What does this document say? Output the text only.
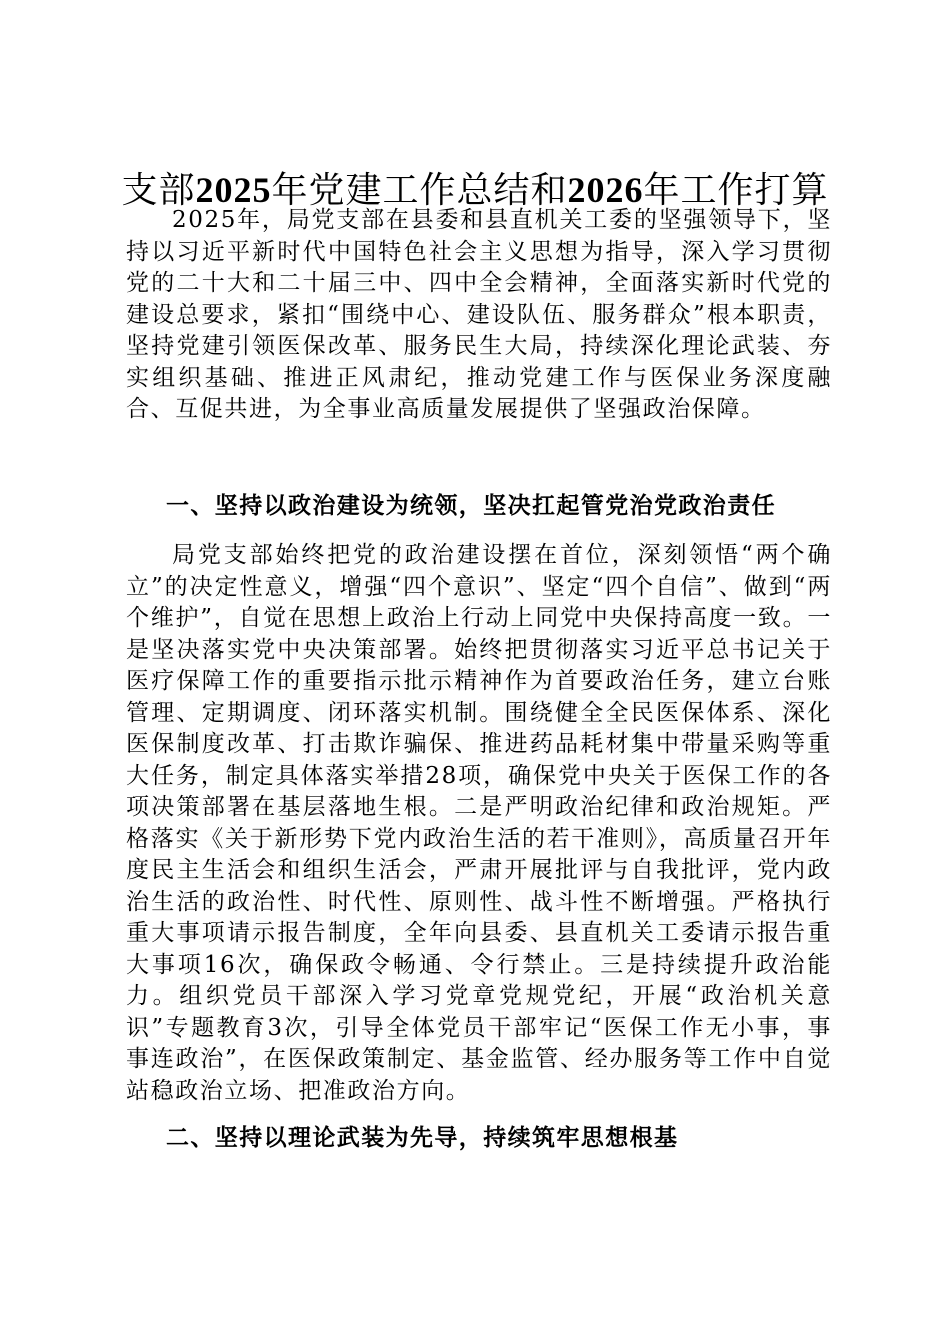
支部2025年党建工作总结和2026年工作打算

2025年，局党支部在县委和县直机关工委的坚强领导下，坚持以习近平新时代中国特色社会主义思想为指导，深入学习贯彻党的二十大和二十届三中、四中全会精神，全面落实新时代党的建设总要求，紧扣“围绕中心、建设队伍、服务群众”根本职责，坚持党建引领医保改革、服务民生大局，持续深化理论武装、夯实组织基础、推进正风肃纪，推动党建工作与医保业务深度融合、互促共进，为全事业高质量发展提供了坚强政治保障。

一、坚持以政治建设为统领，坚决扛起管党治党政治责任

局党支部始终把党的政治建设摆在首位，深刻领悟“两个确立”的决定性意义，增强“四个意识”、坚定“四个自信”、做到“两个维护”，自觉在思想上政治上行动上同党中央保持高度一致。一是坚决落实党中央决策部署。始终把贯彻落实习近平总书记关于医疗保障工作的重要指示批示精神作为首要政治任务，建立台账管理、定期调度、闭环落实机制。围绕健全全民医保体系、深化医保制度改革、打击欺诈骗保、推进药品耗材集中带量采购等重大任务，制定具体落实举措28项，确保党中央关于医保工作的各项决策部署在基层落地生根。二是严明政治纪律和政治规矩。严格落实《关于新形势下党内政治生活的若干准则》，高质量召开年度民主生活会和组织生活会，严肃开展批评与自我批评，党内政治生活的政治性、时代性、原则性、战斗性不断增强。严格执行重大事项请示报告制度，全年向县委、县直机关工委请示报告重大事项16次，确保政令畅通、令行禁止。三是持续提升政治能力。组织党员干部深入学习党章党规党纪，开展“政治机关意识”专题教育3次，引导全体党员干部牢记“医保工作无小事，事事连政治”，在医保政策制定、基金监管、经办服务等工作中自觉站稳政治立场、把准政治方向。

二、坚持以理论武装为先导，持续筑牢思想根基
